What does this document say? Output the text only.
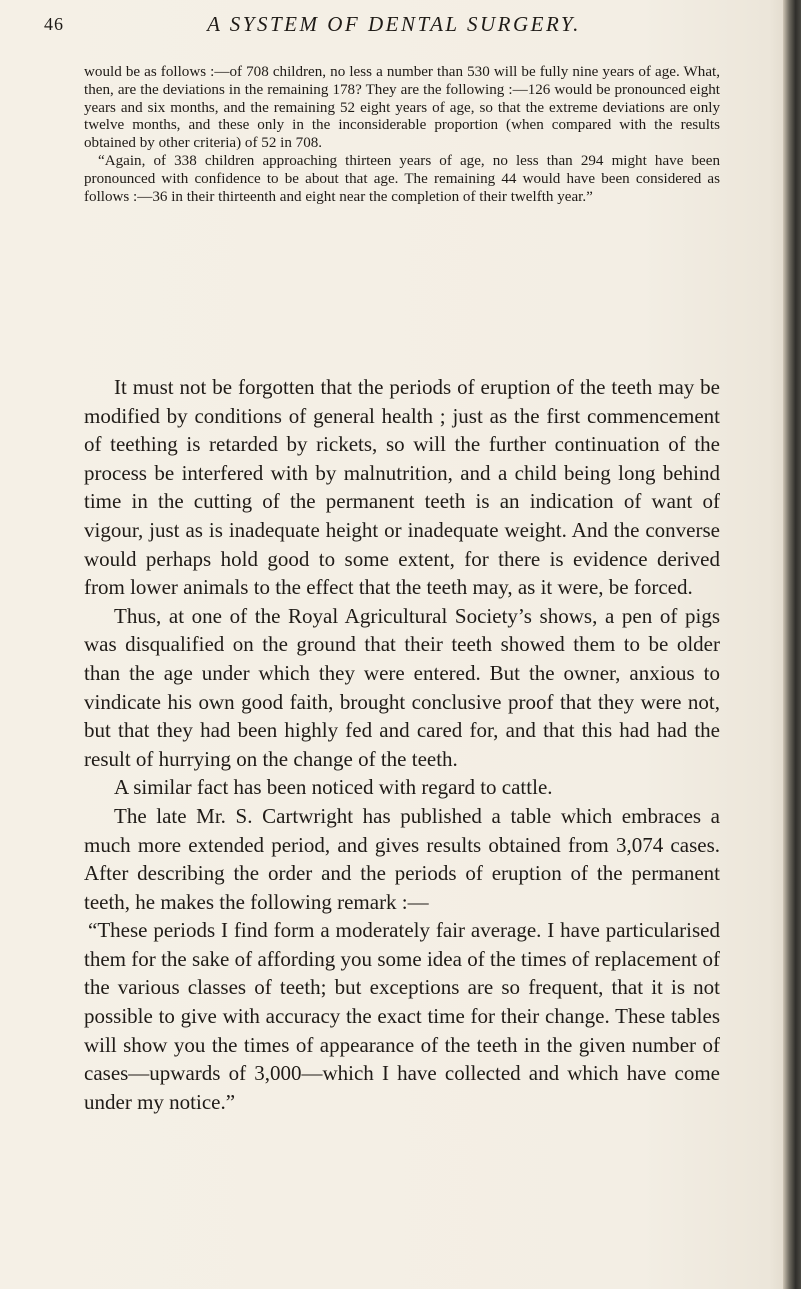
46	A SYSTEM OF DENTAL SURGERY.

would be as follows :—of 708 children, no less a number than 530 will be fully nine years of age. What, then, are the deviations in the remaining 178? They are the following :—126 would be pronounced eight years and six months, and the remaining 52 eight years of age, so that the extreme deviations are only twelve months, and these only in the inconsiderable proportion (when compared with the results obtained by other criteria) of 52 in 708.

“Again, of 338 children approaching thirteen years of age, no less than 294 might have been pronounced with confidence to be about that age. The remaining 44 would have been considered as follows :—36 in their thirteenth and eight near the completion of their twelfth year.”

It must not be forgotten that the periods of eruption of the teeth may be modified by conditions of general health ; just as the first commencement of teething is retarded by rickets, so will the further continuation of the process be interfered with by malnutrition, and a child being long behind time in the cutting of the permanent teeth is an indication of want of vigour, just as is inadequate height or inadequate weight. And the converse would perhaps hold good to some extent, for there is evidence derived from lower animals to the effect that the teeth may, as it were, be forced.

Thus, at one of the Royal Agricultural Society’s shows, a pen of pigs was disqualified on the ground that their teeth showed them to be older than the age under which they were entered. But the owner, anxious to vindicate his own good faith, brought conclusive proof that they were not, but that they had been highly fed and cared for, and that this had had the result of hurrying on the change of the teeth.

A similar fact has been noticed with regard to cattle.

The late Mr. S. Cartwright has published a table which embraces a much more extended period, and gives results obtained from 3,074 cases. After describing the order and the periods of eruption of the permanent teeth, he makes the following remark :—

“These periods I find form a moderately fair average. I have particularised them for the sake of affording you some idea of the times of replacement of the various classes of teeth; but exceptions are so frequent, that it is not possible to give with accuracy the exact time for their change. These tables will show you the times of appearance of the teeth in the given number of cases—upwards of 3,000—which I have collected and which have come under my notice.”
